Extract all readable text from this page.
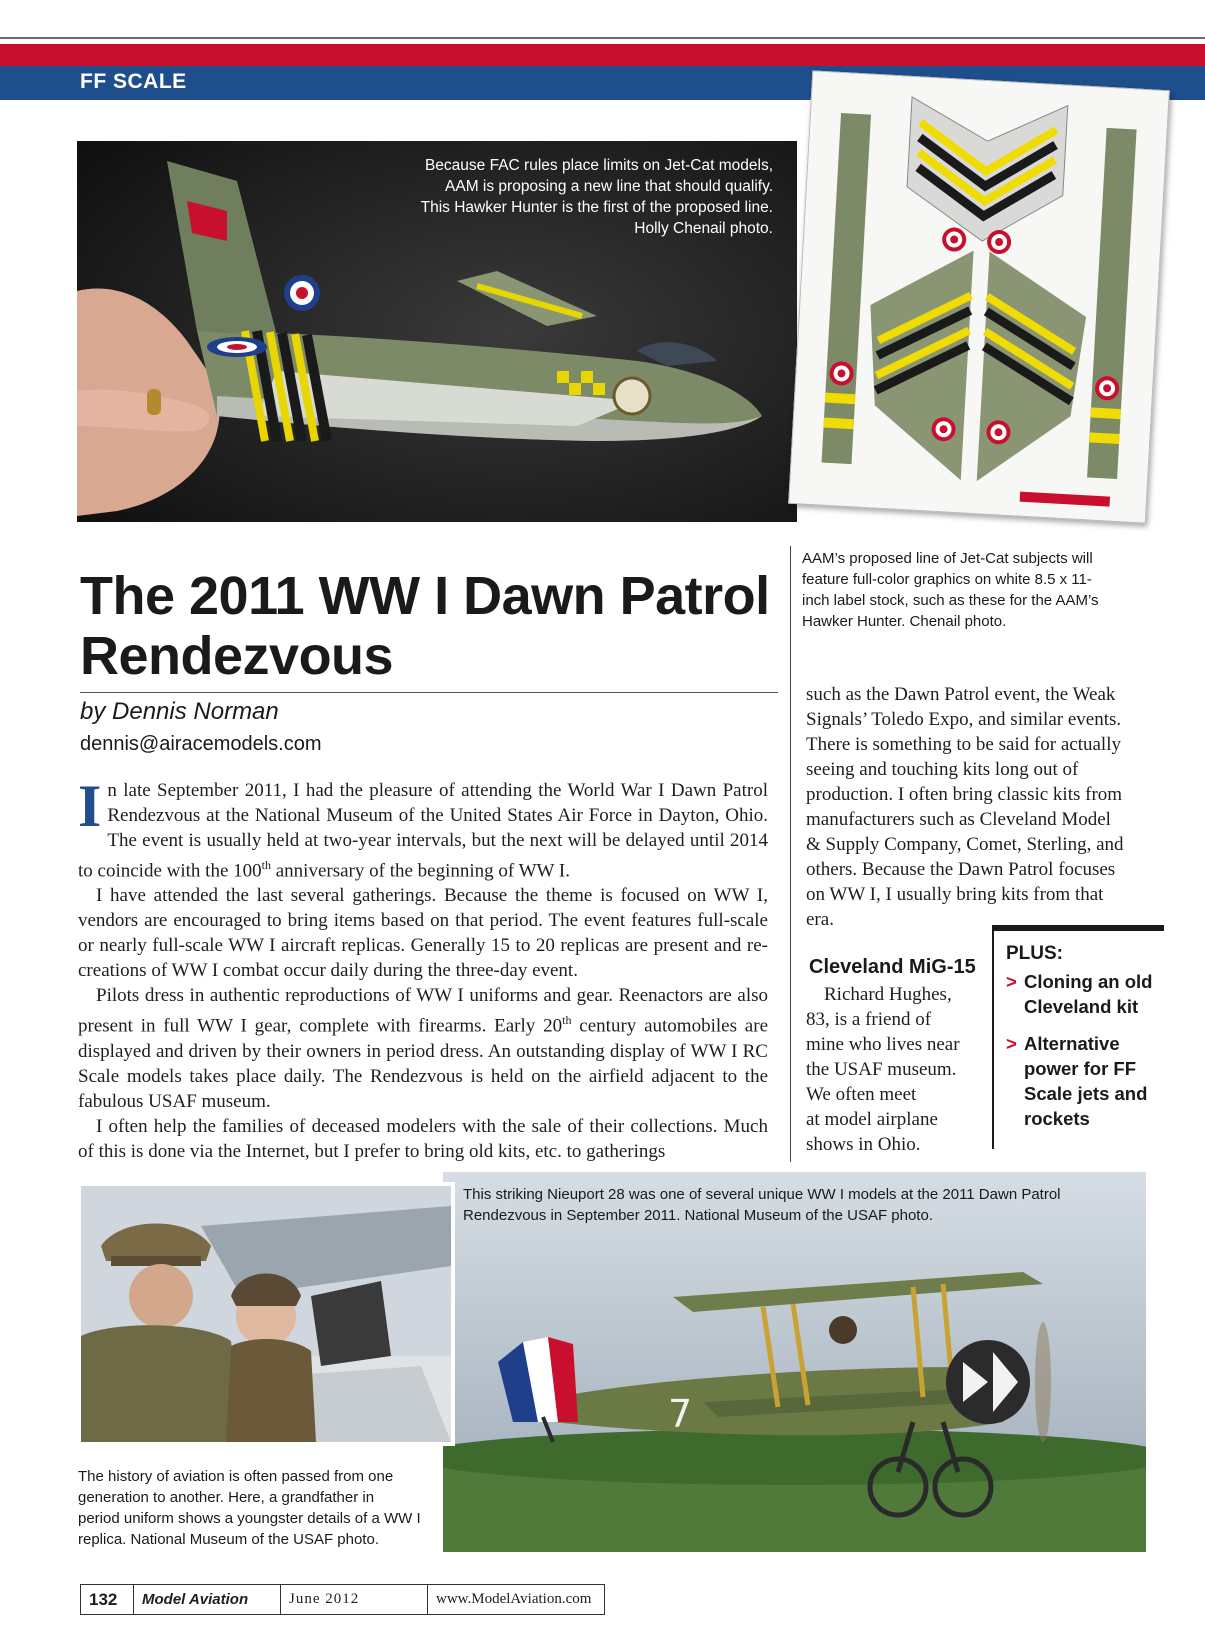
FF SCALE
Because FAC rules place limits on Jet-Cat models,
AAM is proposing a new line that should qualify.
This Hawker Hunter is the first of the proposed line.
Holly Chenail photo.
AAM’s proposed line of Jet-Cat subjects will
feature full-color graphics on white 8.5 x 11-
inch label stock, such as these for the AAM’s
Hawker Hunter. Chenail photo.
The 2011 WW I Dawn Patrol
Rendezvous
by Dennis Norman
dennis@airacemodels.com

In late September 2011, I had the pleasure of attending the World War I Dawn Patrol Rendezvous at the National Museum of the United States Air Force in Dayton, Ohio. The event is usually held at two-year intervals, but the next will be delayed until 2014 to coincide with the 100th anniversary of the beginning of WW I.

I have attended the last several gatherings. Because the theme is focused on WW I, vendors are encouraged to bring items based on that period. The event features full-scale or nearly full-scale WW I aircraft replicas. Generally 15 to 20 replicas are present and re-creations of WW I combat occur daily during the three-day event.

Pilots dress in authentic reproductions of WW I uniforms and gear. Reenactors are also present in full WW I gear, complete with firearms. Early 20th century automobiles are displayed and driven by their owners in period dress. An outstanding display of WW I RC Scale models takes place daily. The Rendezvous is held on the airfield adjacent to the fabulous USAF museum.

I often help the families of deceased modelers with the sale of their collections. Much of this is done via the Internet, but I prefer to bring old kits, etc. to gatherings

such as the Dawn Patrol event, the Weak
Signals’ Toledo Expo, and similar events.
There is something to be said for actually
seeing and touching kits long out of
production. I often bring classic kits from
manufacturers such as Cleveland Model
& Supply Company, Comet, Sterling, and
others. Because the Dawn Patrol focuses
on WW I, I usually bring kits from that
era.
Cleveland MiG-15
Richard Hughes,
83, is a friend of
mine who lives near
the USAF museum.
We often meet
at model airplane
shows in Ohio.
PLUS:
> Cloning an old Cleveland kit
> Alternative power for FF Scale jets and rockets
7
This striking Nieuport 28 was one of several unique WW I models at the 2011 Dawn Patrol
Rendezvous in September 2011. National Museum of the USAF photo.
The history of aviation is often passed from one
generation to another. Here, a grandfather in
period uniform shows a youngster details of a WW I
replica. National Museum of the USAF photo.
132	Model Aviation	June 2012	www.ModelAviation.com
